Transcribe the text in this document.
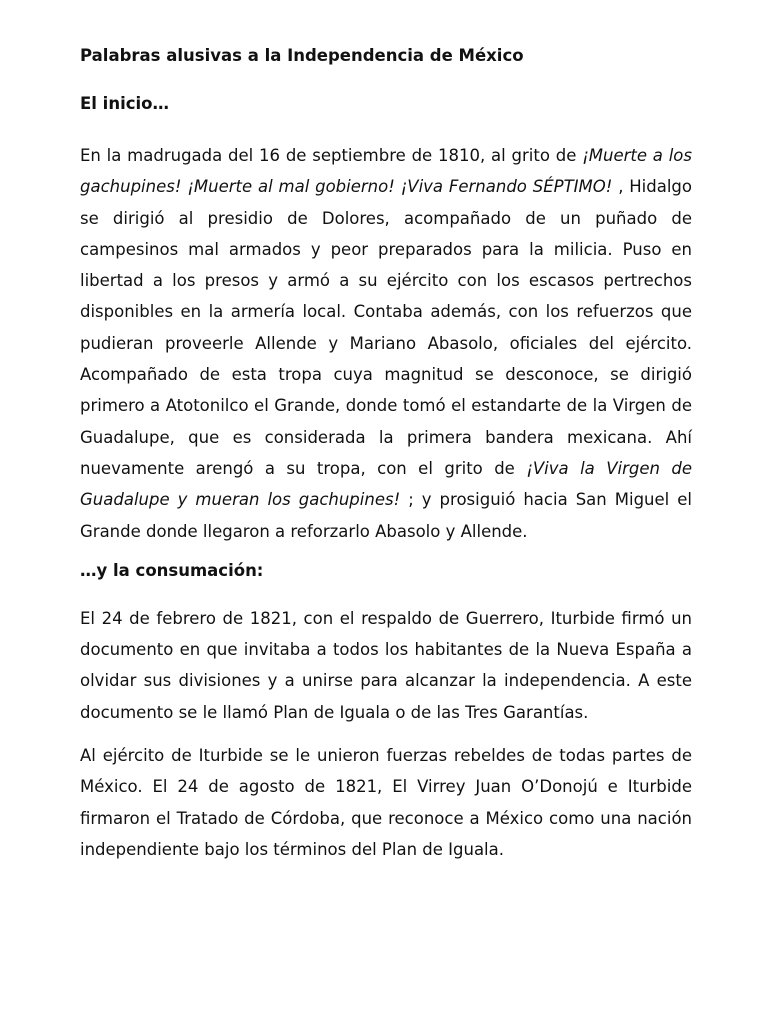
Palabras alusivas a la Independencia de México
El inicio…

En la madrugada del 16 de septiembre de 1810, al grito de ¡Muerte a los gachupines! ¡Muerte al mal gobierno! ¡Viva Fernando SÉPTIMO! , Hidalgo se dirigió al presidio de Dolores, acompañado de un puñado de campesinos mal armados y peor preparados para la milicia. Puso en libertad a los presos y armó a su ejército con los escasos pertrechos disponibles en la armería local. Contaba además, con los refuerzos que pudieran proveerle Allende y Mariano Abasolo, oficiales del ejército. Acompañado de esta tropa cuya magnitud se desconoce, se dirigió primero a Atotonilco el Grande, donde tomó el estandarte de la Virgen de Guadalupe, que es considerada la primera bandera mexicana. Ahí nuevamente arengó a su tropa, con el grito de ¡Viva la Virgen de Guadalupe y mueran los gachupines! ; y prosiguió hacia San Miguel el Grande donde llegaron a reforzarlo Abasolo y Allende.

…y la consumación:

El 24 de febrero de 1821, con el respaldo de Guerrero, Iturbide firmó un documento en que invitaba a todos los habitantes de la Nueva España a olvidar sus divisiones y a unirse para alcanzar la independencia. A este documento se le llamó Plan de Iguala o de las Tres Garantías.

Al ejército de Iturbide se le unieron fuerzas rebeldes de todas partes de México. El 24 de agosto de 1821, El Virrey Juan O’Donojú e Iturbide firmaron el Tratado de Córdoba, que reconoce a México como una nación independiente bajo los términos del Plan de Iguala.
